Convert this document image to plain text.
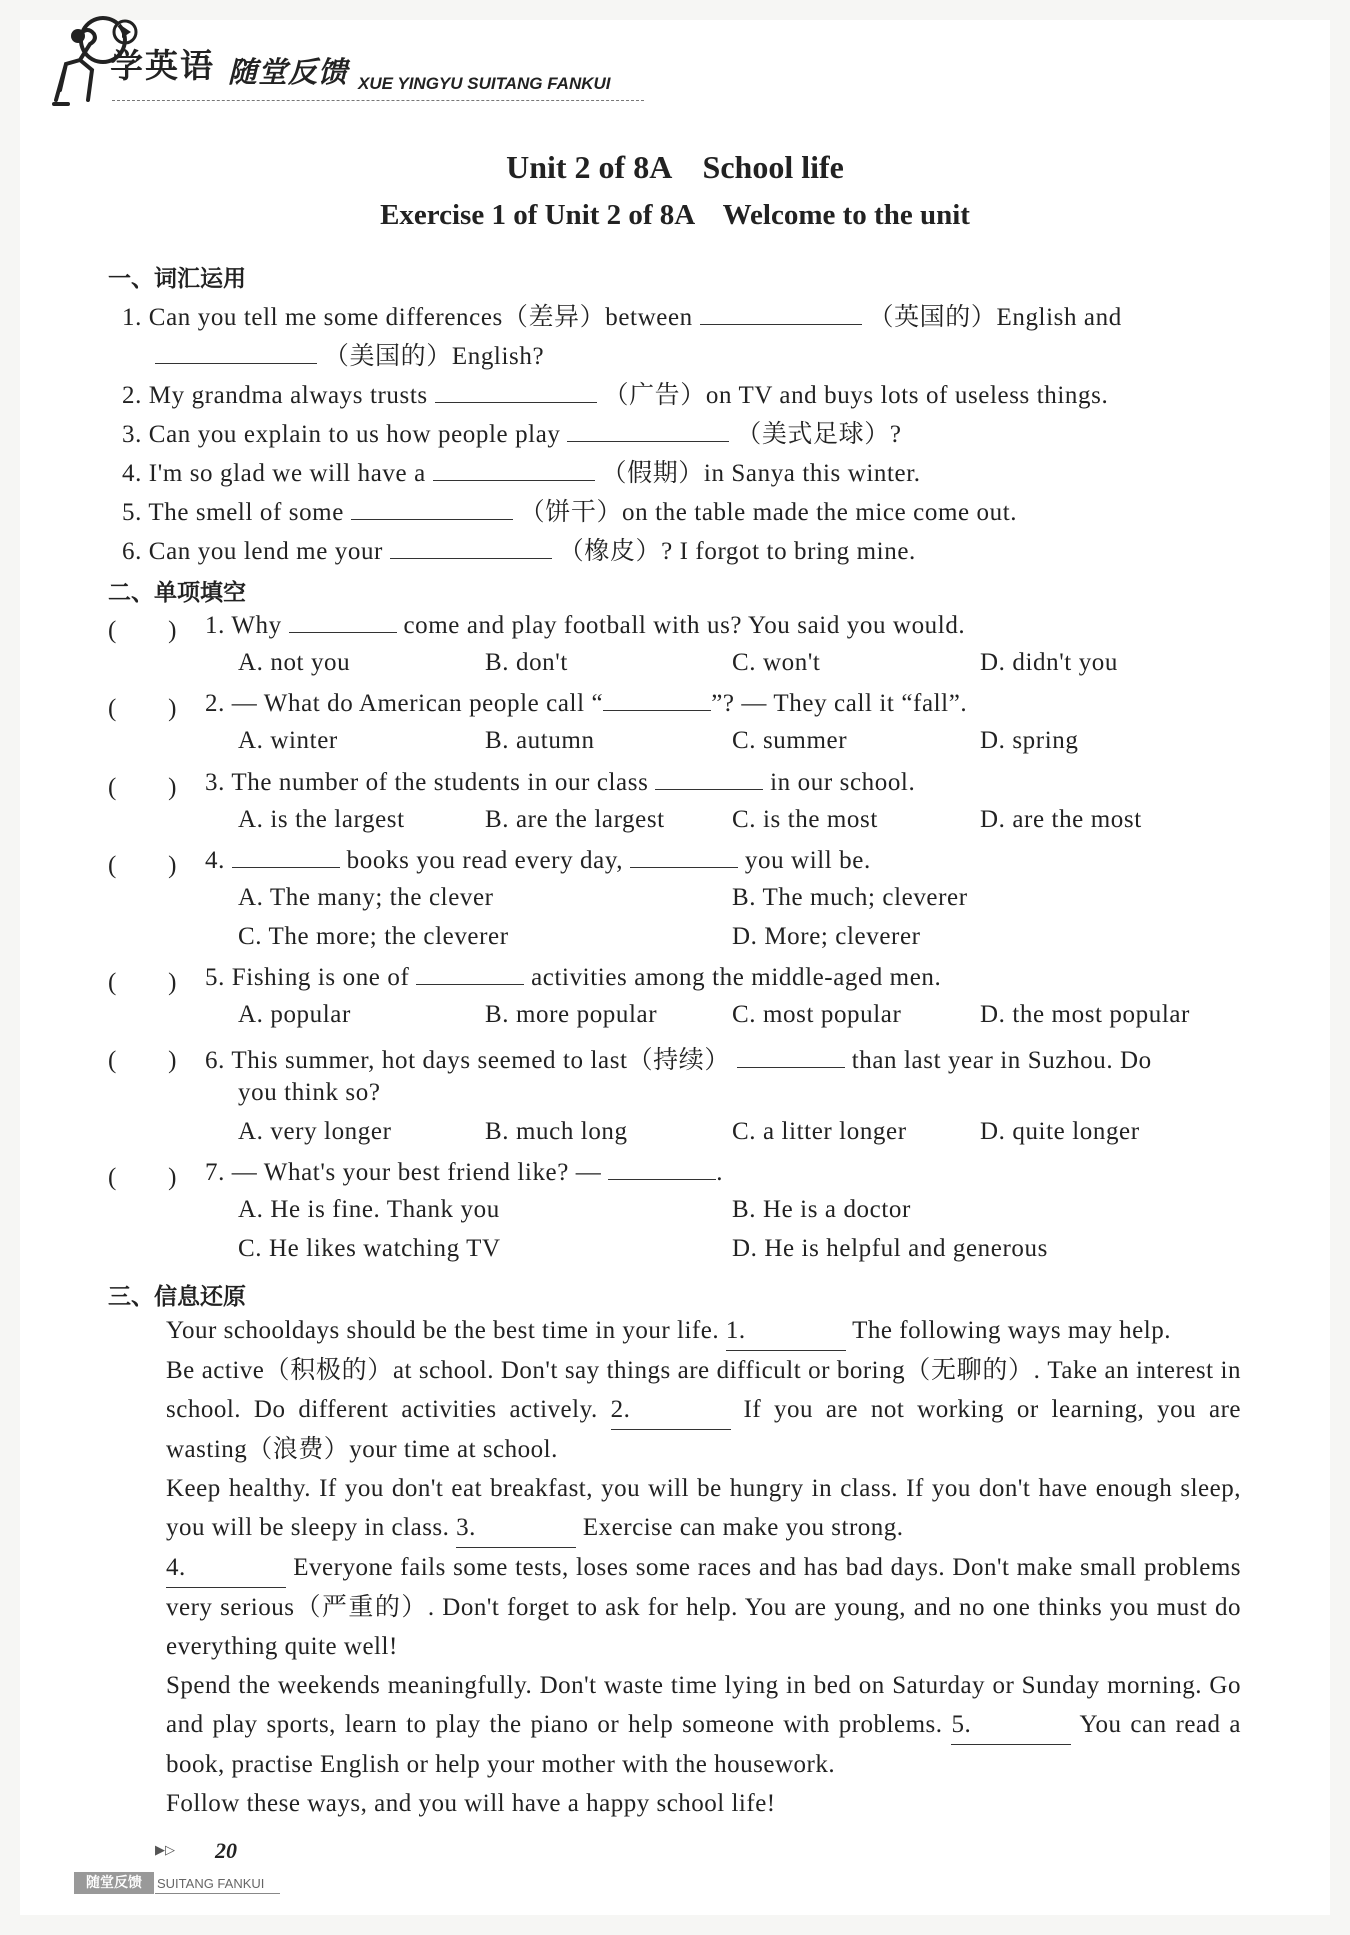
学英语 随堂反馈 XUE YINGYU SUITANG FANKUI
Unit 2 of 8A　School life
Exercise 1 of Unit 2 of 8A　Welcome to the unit
一、词汇运用
1. Can you tell me some differences（差异）between	（英国的）English and
（美国的）English?
2. My grandma always trusts	（广告）on TV and buys lots of useless things.
3. Can you explain to us how people play	（美式足球）?
4. I'm so glad we will have a	（假期）in Sanya this winter.
5. The smell of some	（饼干）on the table made the mice come out.
6. Can you lend me your	（橡皮）? I forgot to bring mine.
二、单项填空
(　　) 1. Why	come and play football with us? You said you would.
A. not you	B. don't	C. won't	D. didn't you
(　　) 2. — What do American people call “	”? — They call it “fall”.
A. winter	B. autumn	C. summer	D. spring
(　　) 3. The number of the students in our class	in our school.
A. is the largest	B. are the largest	C. is the most	D. are the most
(　　) 4.	books you read every day,	you will be.
A. The many; the clever	B. The much; cleverer
C. The more; the cleverer	D. More; cleverer
(　　) 5. Fishing is one of	activities among the middle-aged men.
A. popular	B. more popular	C. most popular	D. the most popular
(　　) 6. This summer, hot days seemed to last（持续）	than last year in Suzhou. Do
you think so?
A. very longer	B. much long	C. a litter longer	D. quite longer
(　　) 7. — What's your best friend like? —	.
A. He is fine. Thank you	B. He is a doctor
C. He likes watching TV	D. He is helpful and generous
三、信息还原
Your schooldays should be the best time in your life. 1.	The following ways may help.
Be active（积极的）at school. Don't say things are difficult or boring（无聊的）. Take an interest in school. Do different activities actively. 2.	If you are not working or learning, you are wasting（浪费）your time at school.
Keep healthy. If you don't eat breakfast, you will be hungry in class. If you don't have enough sleep, you will be sleepy in class. 3.	Exercise can make you strong.
4.	Everyone fails some tests, loses some races and has bad days. Don't make small problems very serious（严重的）. Don't forget to ask for help. You are young, and no one thinks you must do everything quite well!
Spend the weekends meaningfully. Don't waste time lying in bed on Saturday or Sunday morning. Go and play sports, learn to play the piano or help someone with problems. 5.	You can read a book, practise English or help your mother with the housework.
Follow these ways, and you will have a happy school life!
▶▷ 20
随堂反馈	SUITANG FANKUI
